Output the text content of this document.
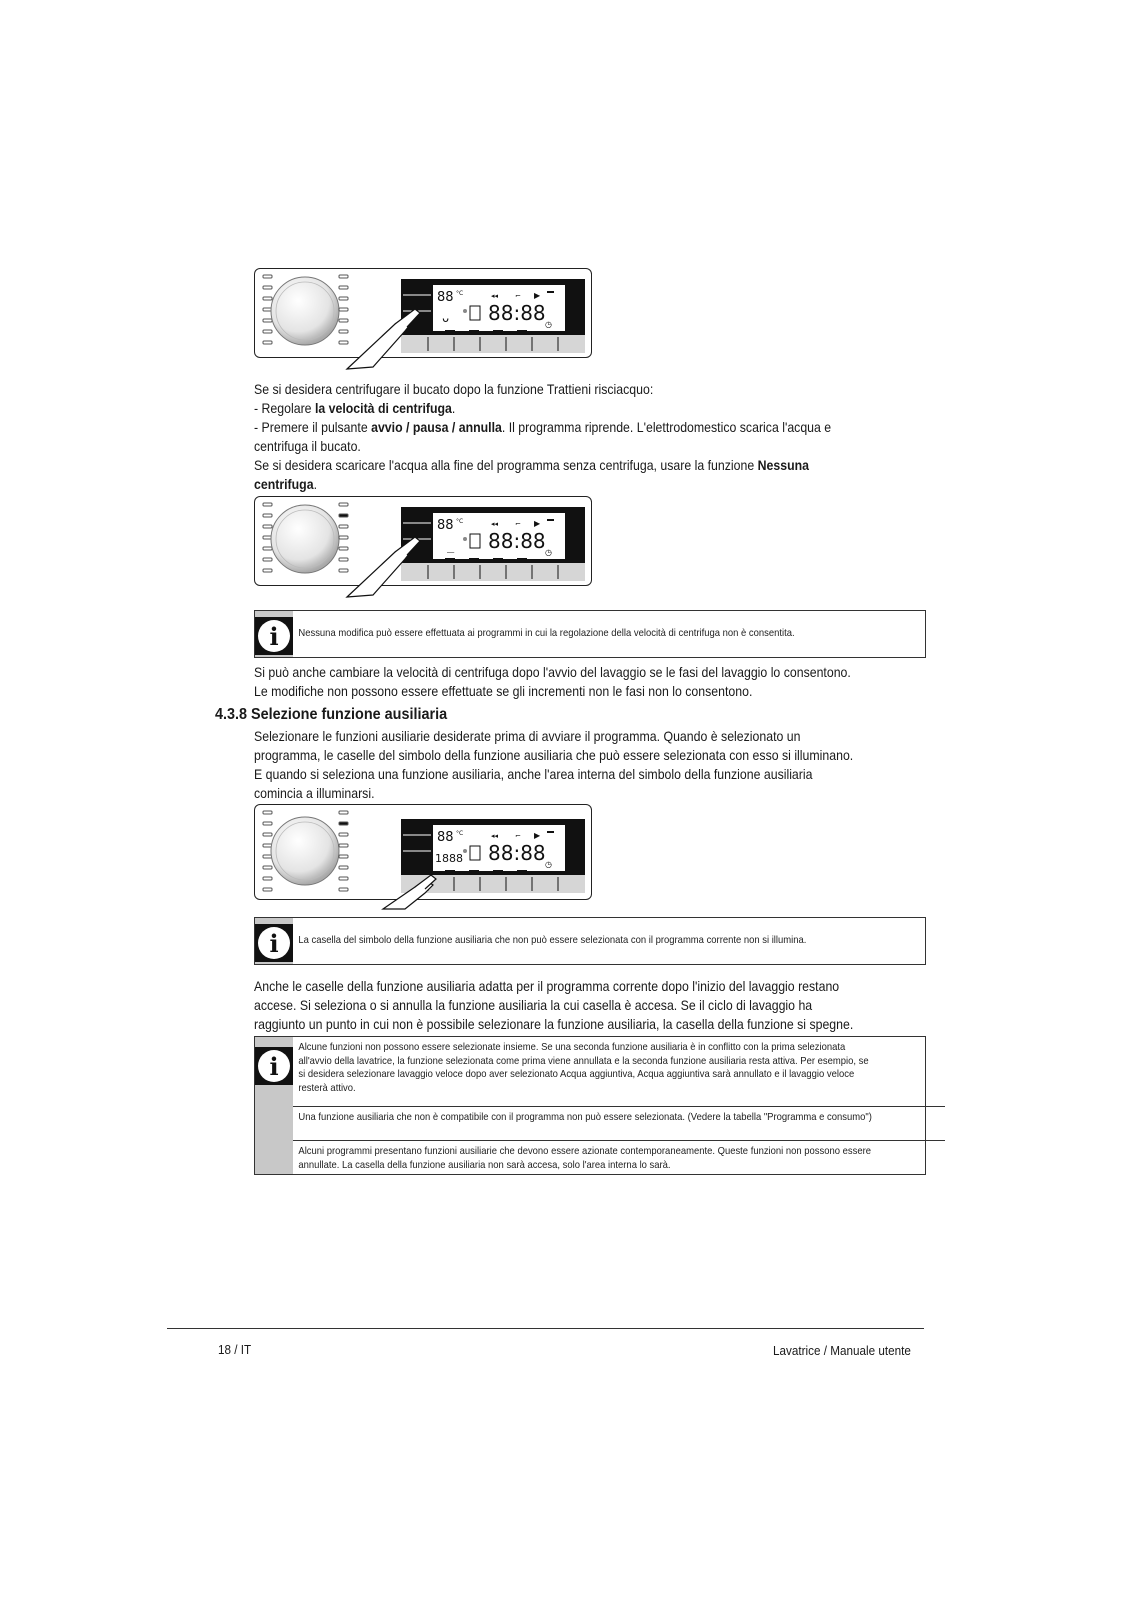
88 °C
ᴗ 88:88 ◷
◂◂ ⌐ ▶
Se si desidera centrifugare il bucato dopo la funzione Trattieni risciacquo:
- Regolare la velocità di centrifuga.
- Premere il pulsante avvio / pausa / annulla. Il programma riprende. L'elettrodomestico scarica l'acqua e
centrifuga il bucato.
Se si desidera scaricare l'acqua alla fine del programma senza centrifuga, usare la funzione Nessuna
centrifuga.
88 °C
_ 88:88 ◷
◂◂ ⌐ ▶
i	Nessuna modifica può essere effettuata ai programmi in cui la regolazione della velocità di centrifuga non è consentita.
Si può anche cambiare la velocità di centrifuga dopo l'avvio del lavaggio se le fasi del lavaggio lo consentono.
Le modifiche non possono essere effettuate se gli incrementi non le fasi non lo consentono.
4.3.8 Selezione funzione ausiliaria
Selezionare le funzioni ausiliarie desiderate prima di avviare il programma. Quando è selezionato un
programma, le caselle del simbolo della funzione ausiliaria che può essere selezionata con esso si illuminano.
E quando si seleziona una funzione ausiliaria, anche l'area interna del simbolo della funzione ausiliaria
comincia a illuminarsi.
88 °C
1888 88:88 ◷
◂◂ ⌐ ▶
i	La casella del simbolo della funzione ausiliaria che non può essere selezionata con il programma corrente non si illumina.
Anche le caselle della funzione ausiliaria adatta per il programma corrente dopo l'inizio del lavaggio restano
accese. Si seleziona o si annulla la funzione ausiliaria la cui casella è accesa. Se il ciclo di lavaggio ha
raggiunto un punto in cui non è possibile selezionare la funzione ausiliaria, la casella della funzione si spegne.
i
Alcune funzioni non possono essere selezionate insieme. Se una seconda funzione ausiliaria è in conflitto con la prima selezionata all'avvio della lavatrice, la funzione selezionata come prima viene annullata e la seconda funzione ausiliaria resta attiva. Per esempio, se si desidera selezionare lavaggio veloce dopo aver selezionato Acqua aggiuntiva, Acqua aggiuntiva sarà annullato e il lavaggio veloce resterà attivo.
Una funzione ausiliaria che non è compatibile con il programma non può essere selezionata. (Vedere la tabella "Programma e consumo")
Alcuni programmi presentano funzioni ausiliarie che devono essere azionate contemporaneamente. Queste funzioni non possono essere annullate. La casella della funzione ausiliaria non sarà accesa, solo l'area interna lo sarà.
18 / IT	Lavatrice / Manuale utente
